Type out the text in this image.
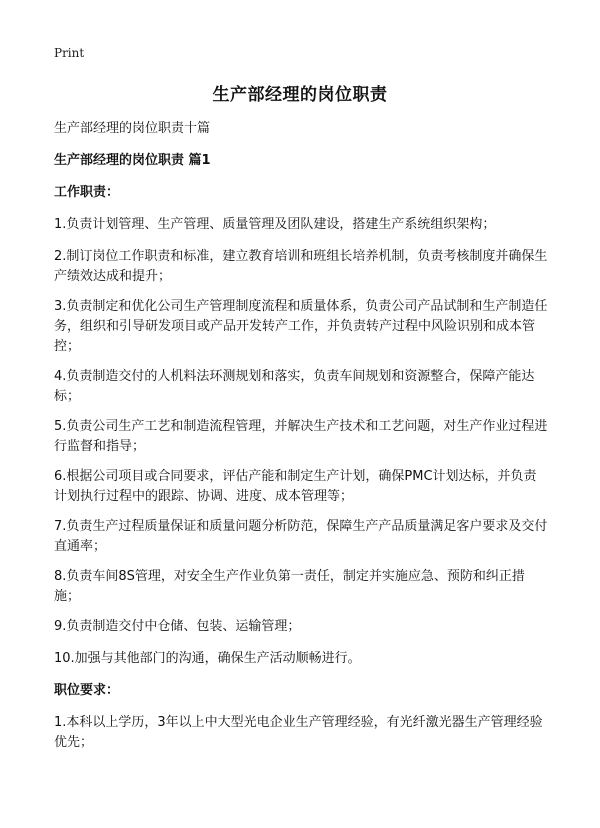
Print
生产部经理的岗位职责

生产部经理的岗位职责十篇

生产部经理的岗位职责 篇1

工作职责：

1.负责计划管理、生产管理、质量管理及团队建设，搭建生产系统组织架构；

2.制订岗位工作职责和标准，建立教育培训和班组长培养机制，负责考核制度并确保生产绩效达成和提升；

3.负责制定和优化公司生产管理制度流程和质量体系，负责公司产品试制和生产制造任务，组织和引导研发项目或产品开发转产工作，并负责转产过程中风险识别和成本管控；

4.负责制造交付的人机料法环测规划和落实，负责车间规划和资源整合，保障产能达标；

5.负责公司生产工艺和制造流程管理，并解决生产技术和工艺问题，对生产作业过程进行监督和指导；

6.根据公司项目或合同要求，评估产能和制定生产计划，确保PMC计划达标，并负责计划执行过程中的跟踪、协调、进度、成本管理等；

7.负责生产过程质量保证和质量问题分析防范，保障生产产品质量满足客户要求及交付直通率；

8.负责车间8S管理，对安全生产作业负第一责任，制定并实施应急、预防和纠正措施；

9.负责制造交付中仓储、包装、运输管理；

10.加强与其他部门的沟通，确保生产活动顺畅进行。

职位要求：

1.本科以上学历，3年以上中大型光电企业生产管理经验，有光纤激光器生产管理经验优先；
